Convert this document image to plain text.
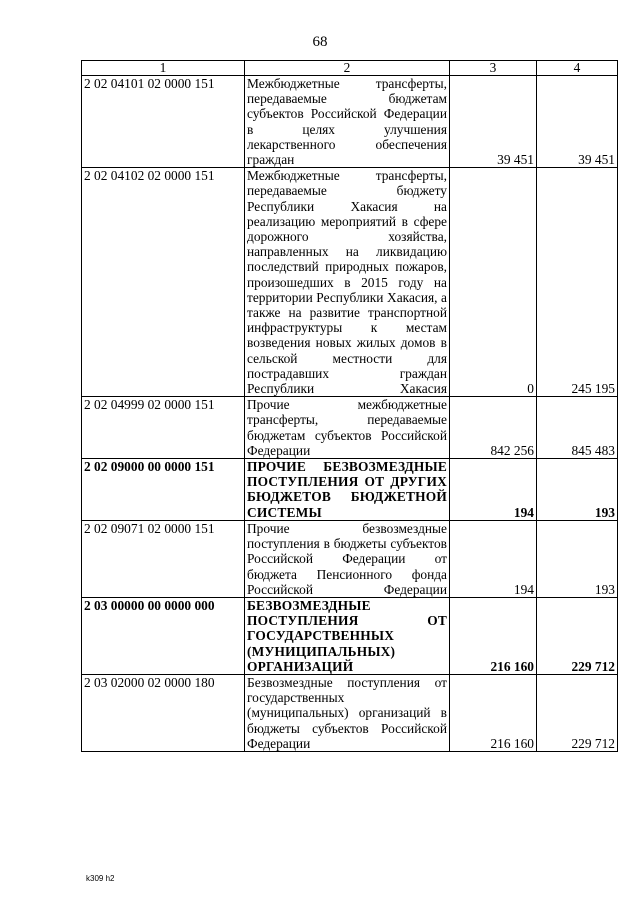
68
1	2	3	4
2 02 04101 02 0000 151	Межбюджетные трансферты, передаваемые бюджетам субъектов Российской Федерации в целях улучшения лекарственного обеспечения граждан	39 451	39 451
2 02 04102 02 0000 151	Межбюджетные трансферты, передаваемые бюджету Республики Хакасия на реализацию мероприятий в сфере дорожного хозяйства, направленных на ликвидацию последствий природных пожаров, произошедших в 2015 году на территории Республики Хакасия, а также на развитие транспортной инфраструктуры к местам возведения новых жилых домов в сельской местности для пострадавших граждан Республики Хакасия	0	245 195
2 02 04999 02 0000 151	Прочие межбюджетные трансферты, передаваемые бюджетам субъектов Российской Федерации	842 256	845 483
2 02 09000 00 0000 151	ПРОЧИЕ БЕЗВОЗМЕЗДНЫЕ ПОСТУПЛЕНИЯ ОТ ДРУГИХ БЮДЖЕТОВ БЮДЖЕТНОЙ СИСТЕМЫ	194	193
2 02 09071 02 0000 151	Прочие безвозмездные поступления в бюджеты субъектов Российской Федерации от бюджета Пенсионного фонда Российской Федерации	194	193
2 03 00000 00 0000 000	БЕЗВОЗМЕЗДНЫЕ ПОСТУПЛЕНИЯ ОТ ГОСУДАРСТВЕННЫХ (МУНИЦИПАЛЬНЫХ) ОРГАНИЗАЦИЙ	216 160	229 712
2 03 02000 02 0000 180	Безвозмездные поступления от государственных (муниципальных) организаций в бюджеты субъектов Российской Федерации	216 160	229 712
k309 h2
